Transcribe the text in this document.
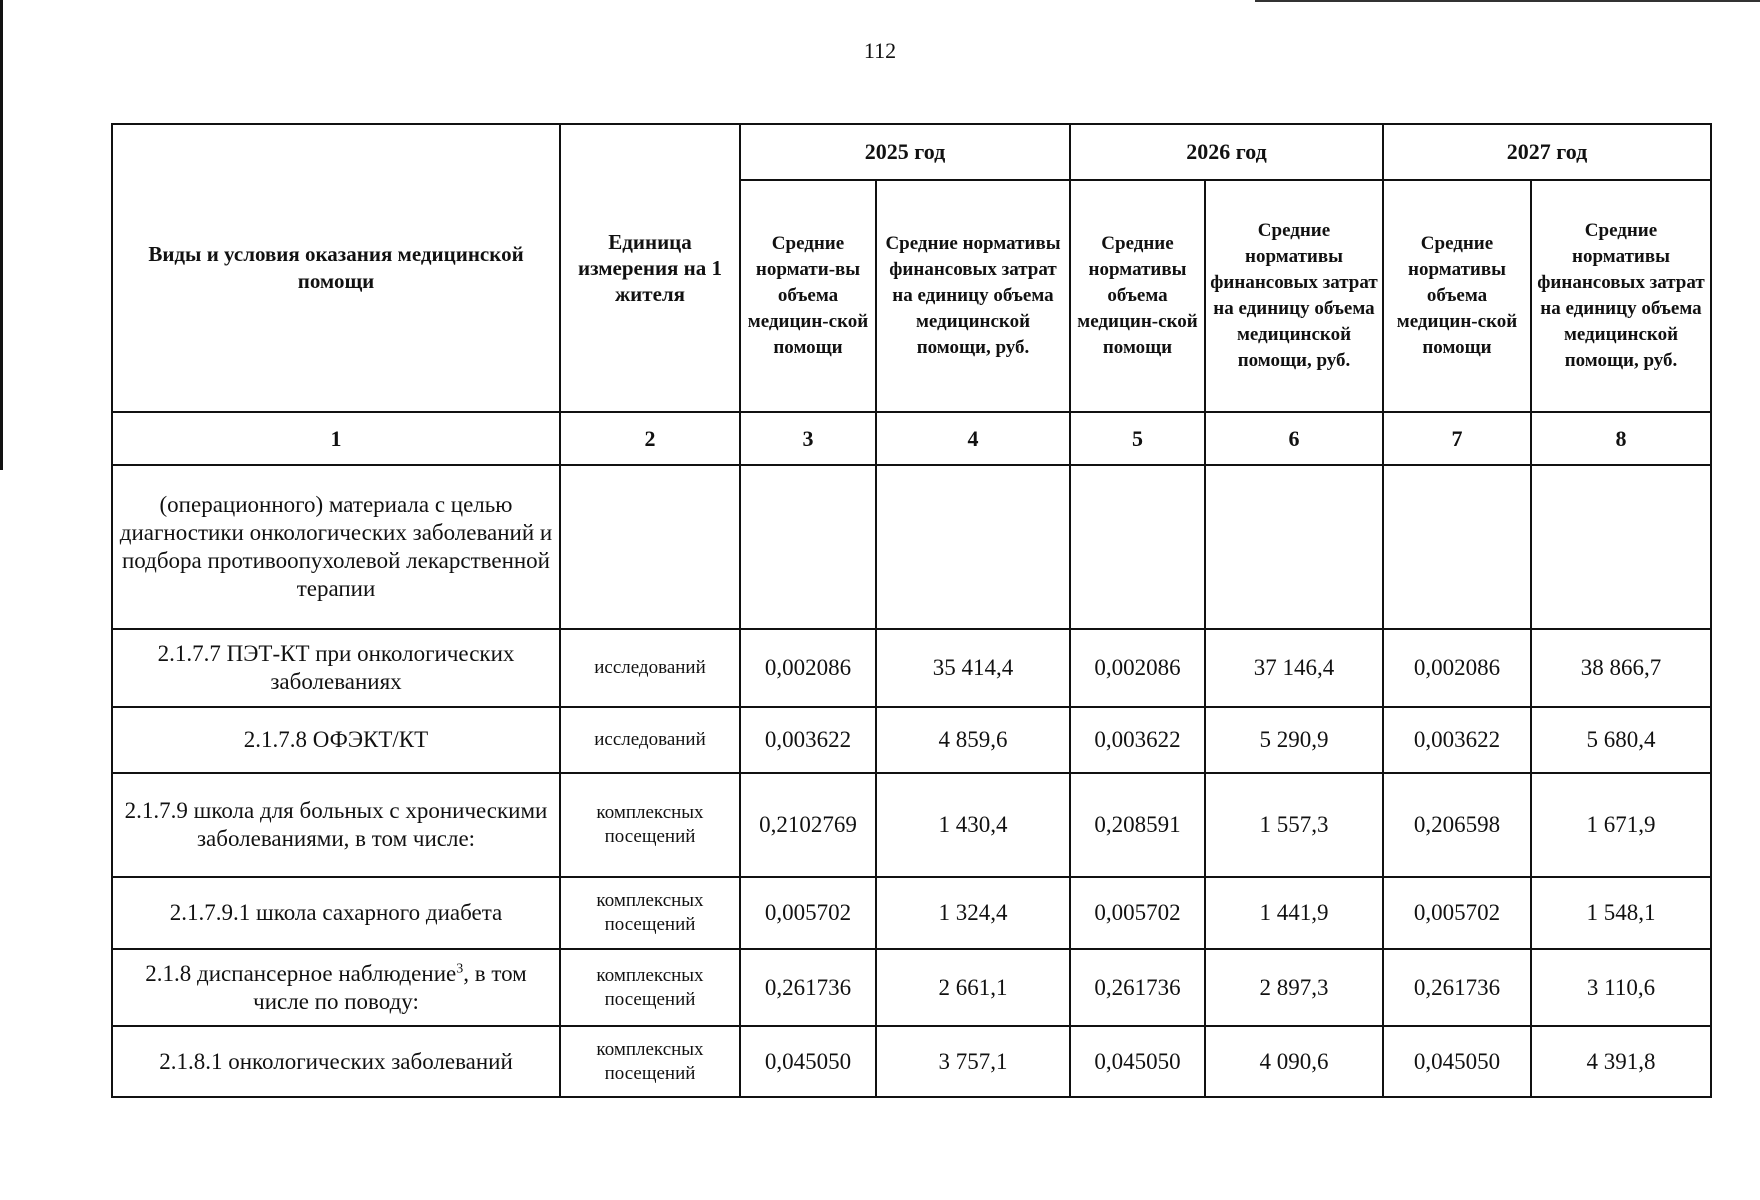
112
Виды и условия оказания медицинской помощи	Единица измерения на 1 жителя	2025 год		2026 год		2027 год	
		Средние нормати-вы объема медицин-ской помощи	Средние нормативы финансовых затрат на единицу объема медицинской помощи, руб.	Средние нормативы объема медицин-ской помощи	Средние нормативы финансовых затрат на единицу объема медицинской помощи, руб.	Средние нормативы объема медицин-ской помощи	Средние нормативы финансовых затрат на единицу объема медицинской помощи, руб.
1	2	3	4	5	6	7	8
(операционного) материала с целью диагностики онкологических заболеваний и подбора противоопухолевой лекарственной терапии							
2.1.7.7 ПЭТ-КТ при онкологических заболеваниях	исследований	0,002086	35 414,4	0,002086	37 146,4	0,002086	38 866,7
2.1.7.8 ОФЭКТ/КТ	исследований	0,003622	4 859,6	0,003622	5 290,9	0,003622	5 680,4
2.1.7.9 школа для больных с хроническими заболеваниями, в том числе:	комплексных посещений	0,2102769	1 430,4	0,208591	1 557,3	0,206598	1 671,9
2.1.7.9.1 школа сахарного диабета	комплексных посещений	0,005702	1 324,4	0,005702	1 441,9	0,005702	1 548,1
2.1.8 диспансерное наблюдение$^3$, в том числе по поводу:	комплексных посещений	0,261736	2 661,1	0,261736	2 897,3	0,261736	3 110,6
2.1.8.1 онкологических заболеваний	комплексных посещений	0,045050	3 757,1	0,045050	4 090,6	0,045050	4 391,8
